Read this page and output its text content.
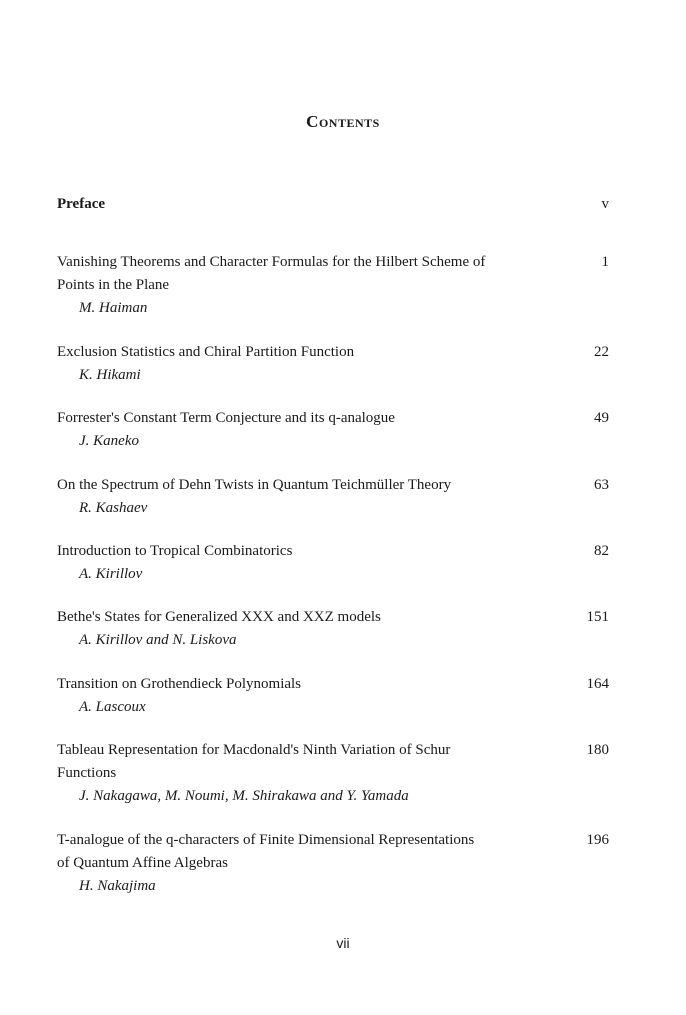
Contents
Preface	v
Vanishing Theorems and Character Formulas for the Hilbert Scheme of Points in the Plane
M. Haiman
1
Exclusion Statistics and Chiral Partition Function
K. Hikami
22
Forrester's Constant Term Conjecture and its q-analogue
J. Kaneko
49
On the Spectrum of Dehn Twists in Quantum Teichmüller Theory
R. Kashaev
63
Introduction to Tropical Combinatorics
A. Kirillov
82
Bethe's States for Generalized XXX and XXZ models
A. Kirillov and N. Liskova
151
Transition on Grothendieck Polynomials
A. Lascoux
164
Tableau Representation for Macdonald's Ninth Variation of Schur Functions
J. Nakagawa, M. Noumi, M. Shirakawa and Y. Yamada
180
T-analogue of the q-characters of Finite Dimensional Representations of Quantum Affine Algebras
H. Nakajima
196
vii
